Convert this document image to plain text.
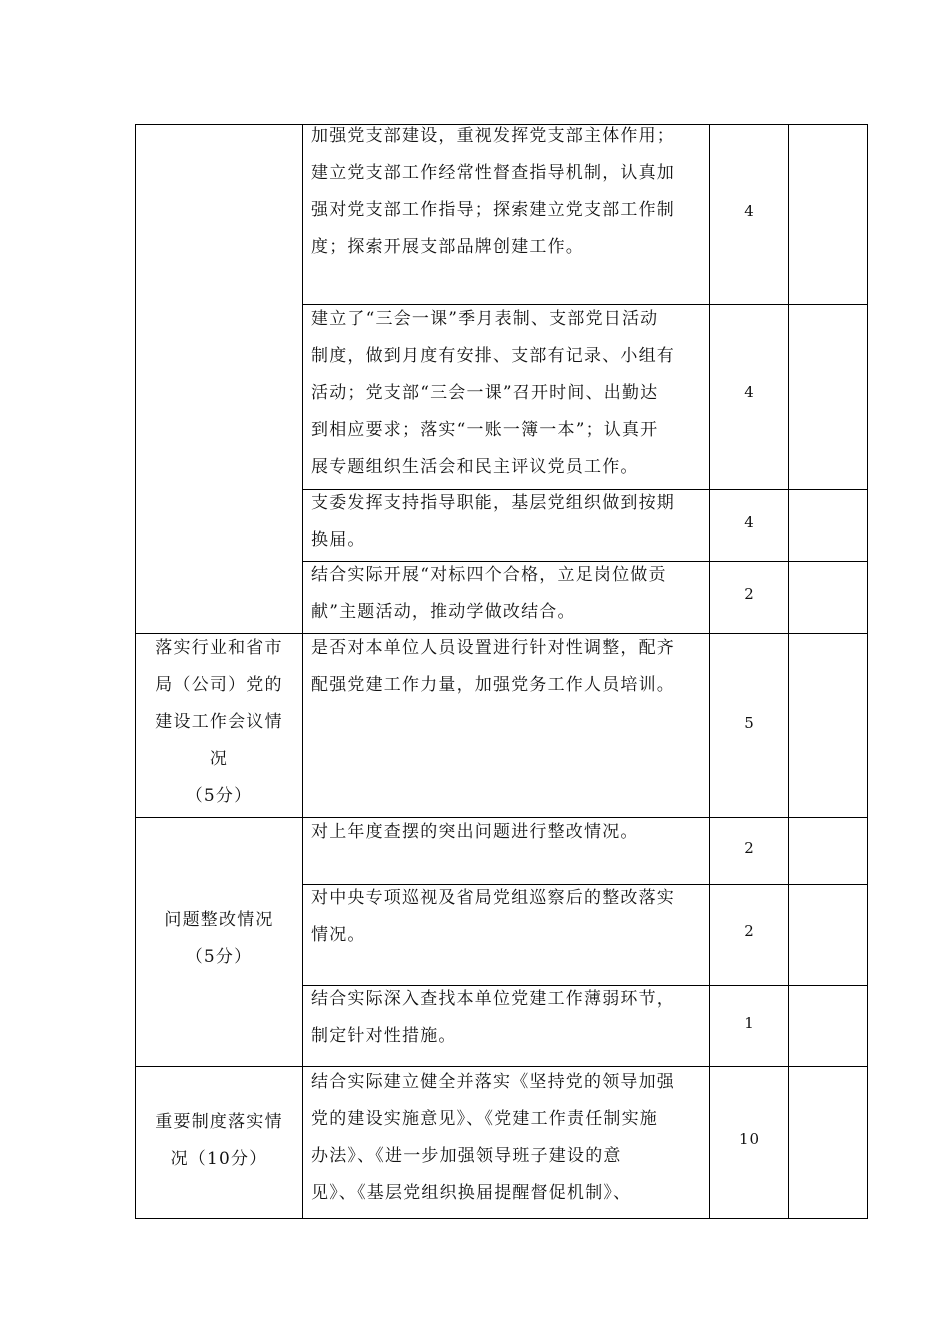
加强党支部建设，重视发挥党支部主体作用；
建立党支部工作经常性督查指导机制，认真加
强对党支部工作指导；探索建立党支部工作制
度；探索开展支部品牌创建工作。
4
建立了“三会一课”季月表制、支部党日活动
制度，做到月度有安排、支部有记录、小组有
活动；党支部“三会一课”召开时间、出勤达
到相应要求；落实“一账一簿一本”；认真开
展专题组织生活会和民主评议党员工作。
4
支委发挥支持指导职能，基层党组织做到按期
换届。
4
结合实际开展“对标四个合格，立足岗位做贡
献”主题活动，推动学做改结合。
2
落实行业和省市
局（公司）党的
建设工作会议情
况
（5分）
是否对本单位人员设置进行针对性调整，配齐
配强党建工作力量，加强党务工作人员培训。
5
问题整改情况
（5分）
对上年度查摆的突出问题进行整改情况。
2
对中央专项巡视及省局党组巡察后的整改落实
情况。	2
结合实际深入查找本单位党建工作薄弱环节，
制定针对性措施。
1
重要制度落实情
况（10分）
结合实际建立健全并落实《坚持党的领导加强
党的建设实施意见》、《党建工作责任制实施
办法》、《进一步加强领导班子建设的意
见》、《基层党组织换届提醒督促机制》、
10
